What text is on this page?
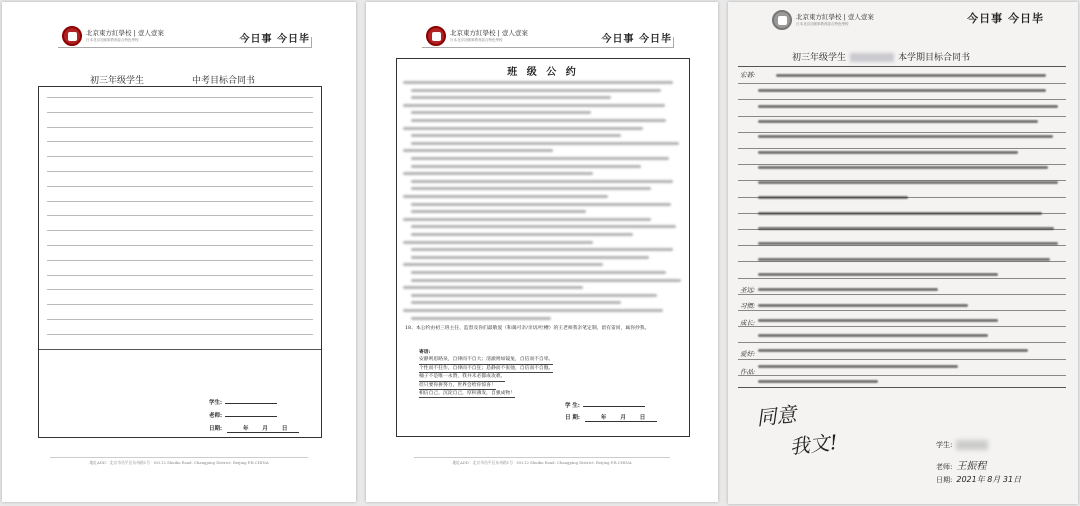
北京東方紅學校 | 壹人壹案
日本北京初級軍教育綜合特色學校	今日事 今日毕
初三年级学生	中考目标合同书
学生:
老师:
日期:	年	月	日
地址ADD：北京市昌平区东州路1号 · NO.12 Shuiku Road, Changping District, Beijing P.R.CHINA
北京東方紅學校 | 壹人壹案
日本北京初級軍教育綜合特色學校	今日事 今日毕
班 级 公 约
18、本公约由初三班主任、监督及你们最敬爱（和蔼可亲/亲切/吐槽）的王老师我亲笔定制，留有雷同，属你抄我。
寄语:
安静则思路泉，自律而不自大；清澈则如镜兔，自信而不自卑。
个性而不狂作，自律而不自狂；恳静而不张弛，自信而不自傲。
桶子不是唯一永赞，我并未必都成攻难。
但只要你拼努力，世界会给你惊喜！
相信自己，沉淀自己，厚积薄发，自强成物！
学 生:
日 期:	年	月	日
地址ADD：北京市昌平区东州路1号 · NO.12 Shuiku Road, Changping District, Beijing P.R.CHINA
北京東方紅學校 | 壹人壹案
日本北京初級軍教育綜合特色學校	今日事 今日毕
初三年级学生	本学期目标合同书
宏碁:
圣远:
习惯:
成长:
爱好:
作品:
同意
我文!	学生:
老师: 王振程
日期: 2021年 8月 31日
